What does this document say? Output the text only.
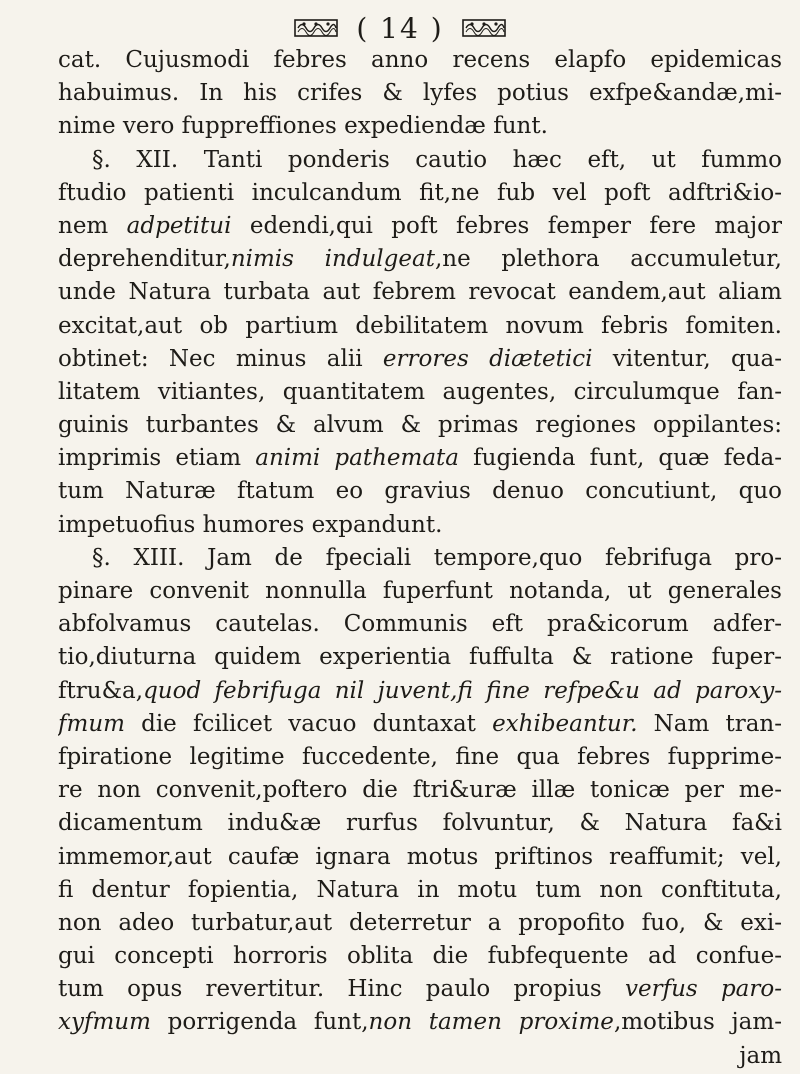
( 14 )
cat. Cujusmodi febres anno recens elapfo epidemicas
habuimus. In his crifes & lyfes potius exfpe&andæ,mi-
nime vero fuppreffiones expediendæ funt.
§. XII. Tanti ponderis cautio hæc eft, ut fummo
ftudio patienti inculcandum fit,ne fub vel poft adftri&io-
nem adpetitui edendi,qui poft febres femper fere major
deprehenditur,nimis indulgeat,ne plethora accumuletur,
unde Natura turbata aut febrem revocat eandem,aut aliam
excitat,aut ob partium debilitatem novum febris fomiten.
obtinet: Nec minus alii errores diætetici vitentur, qua-
litatem vitiantes, quantitatem augentes, circulumque fan-
guinis turbantes & alvum & primas regiones oppilantes:
imprimis etiam animi pathemata fugienda funt, quæ feda-
tum Naturæ ftatum eo gravius denuo concutiunt, quo
impetuofius humores expandunt.
§. XIII. Jam de fpeciali tempore,quo febrifuga pro-
pinare convenit nonnulla fuperfunt notanda, ut generales
abfolvamus cautelas. Communis eft pra&icorum adfer-
tio,diuturna quidem experientia fuffulta & ratione fuper-
ftru&a,quod febrifuga nil juvent,fi fine refpe&u ad paroxy-
fmum die fcilicet vacuo duntaxat exhibeantur. Nam tran-
fpiratione legitime fuccedente, fine qua febres fupprime-
re non convenit,poftero die ftri&uræ illæ tonicæ per me-
dicamentum indu&æ rurfus folvuntur, & Natura fa&i
immemor,aut caufæ ignara motus priftinos reaffumit; vel,
fi dentur fopientia, Natura in motu tum non conftituta,
non adeo turbatur,aut deterretur a propofito fuo, & exi-
gui concepti horroris oblita die fubfequente ad confue-
tum opus revertitur. Hinc paulo propius verfus paro-
xyfmum porrigenda funt,non tamen proxime,motibus jam-
jam
